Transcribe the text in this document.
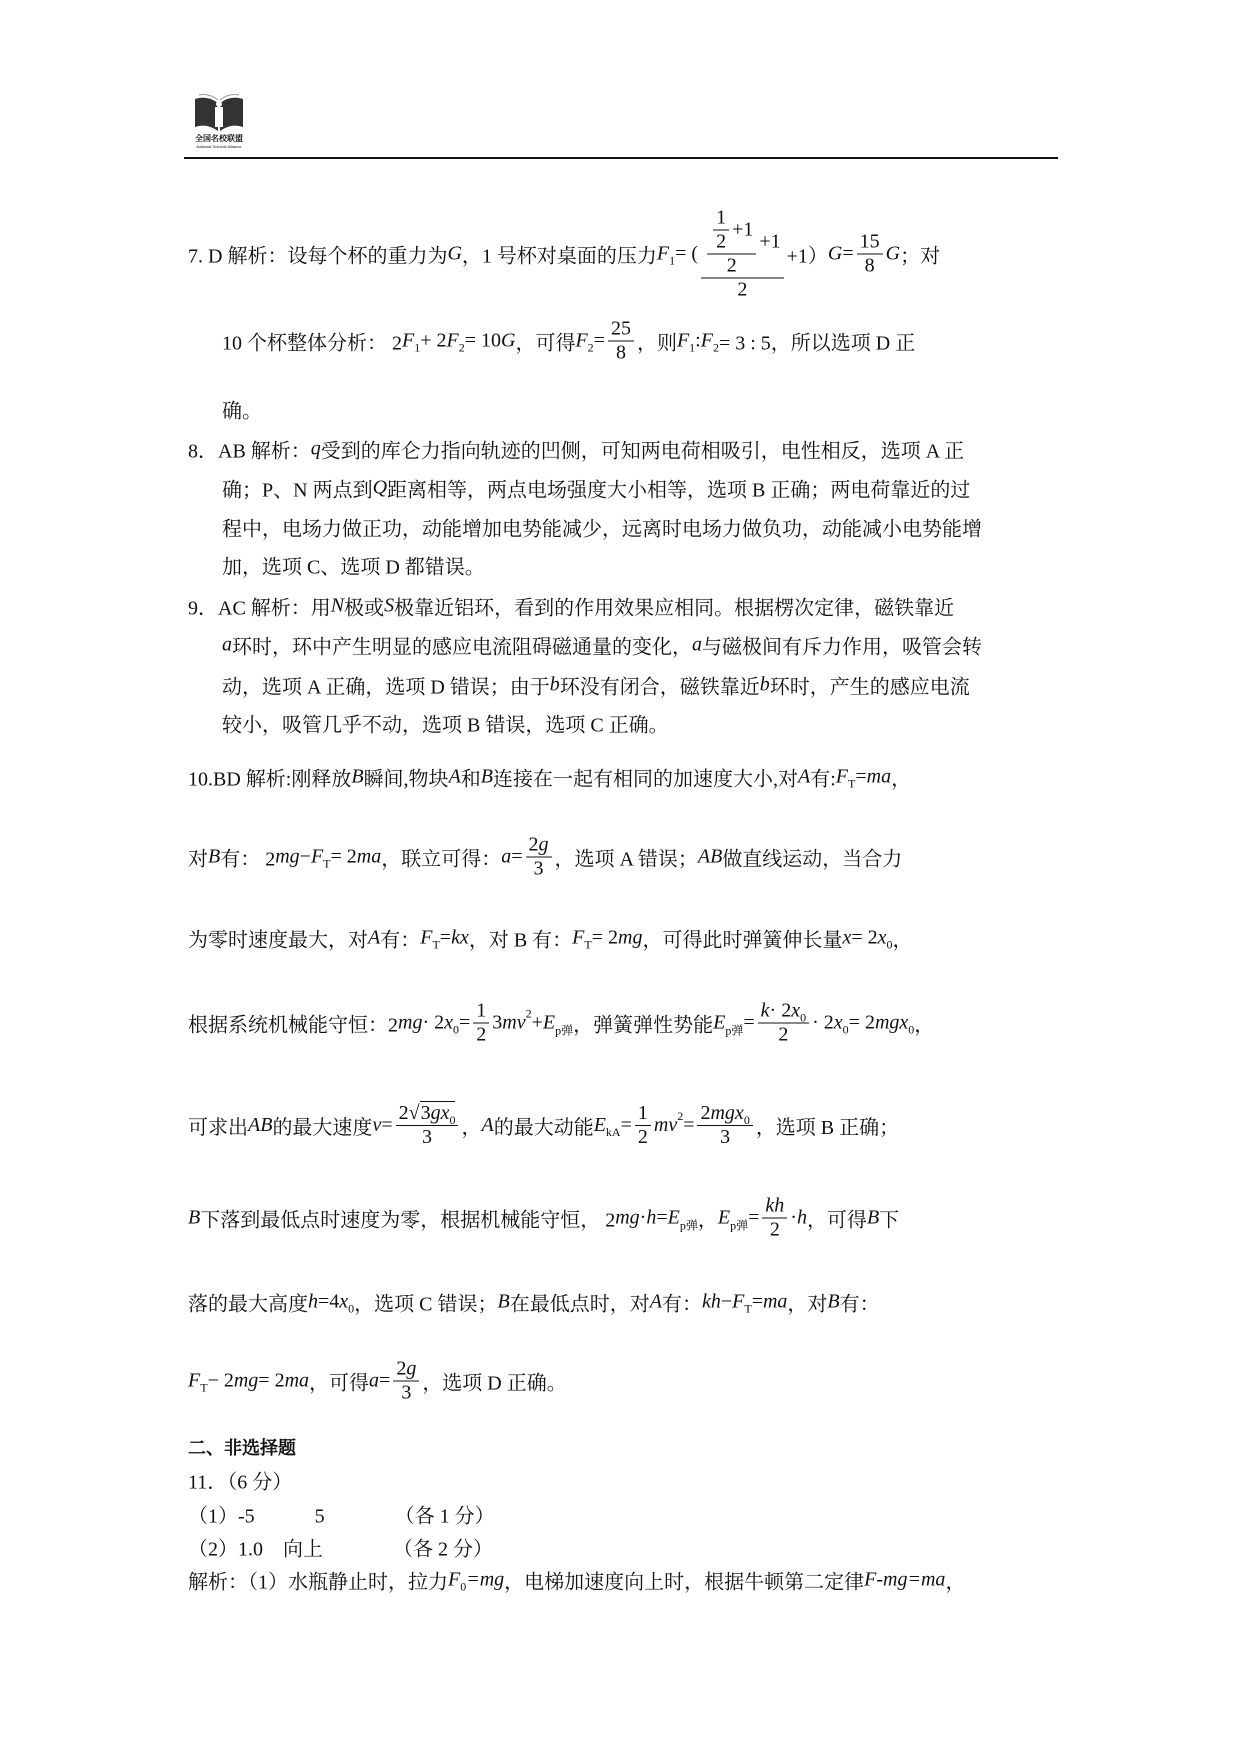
全国名校联盟
National Schools Alliance
7. D 解析：设每个杯的重力为 G ，1 号杯对桌面的压力 F 1 = ( $\frac{\frac{\frac{1}{2} +1}{2} +1}{2} +1$） $G = \frac{15}{8}$ G ；对
10 个杯整体分析： 2 F 1 + 2 F 2 = 10 G ，可得 F $2 = \frac{25}{8}$ ，则 F 1 : F 2 = 3 : 5，所以选项 D 正
确。
8．AB 解析： q 受到的库仑力指向轨迹的凹侧，可知两电荷相吸引，电性相反，选项 A 正
确；P、N 两点到 Q 距离相等，两点电场强度大小相等，选项 B 正确；两电荷靠近的过
程中，电场力做正功，动能增加电势能减少，远离时电场力做负功，动能减小电势能增
加，选项 C、选项 D 都错误。
9．AC 解析：用 N 极或 S 极靠近铝环，看到的作用效果应相同。根据楞次定律，磁铁靠近
a 环时，环中产生明显的感应电流阻碍磁通量的变化， a 与磁极间有斥力作用，吸管会转
动，选项 A 正确，选项 D 错误；由于 b 环没有闭合，磁铁靠近 b 环时，产生的感应电流
较小，吸管几乎不动，选项 B 错误，选项 C 正确。
10.BD 解析:刚释放 B 瞬间,物块 A 和 B 连接在一起有相同的加速度大小,对 A 有: F T = ma ，
对 B 有： 2 mg − F T = 2 ma ，联立可得： $a = \frac{2 g}{3}$ ，选项 A 错误； AB 做直线运动，当合力
为零时速度最大，对 A 有： F T = kx ，对 B 有： F T = 2 mg ，可得此时弹簧伸长量 x = 2 x 0 ，
根据系统机械能守恒：2 mg · 2 x $0 = \frac{1}{2} 3$ mv 2 + E p弹 ，弹簧弹性势能 E p弹 = $\frac{k \cdot 2 x 0}{2} \cdot 2$ x 0 = 2 mgx 0 ，
可求出 AB 的最大速度 $v = \frac{2√ 3 gx 0}{3}$ ， A 的最大动能 E kA = $\frac{1}{2}$ mv $2 = \frac{\text{2 mgx 0}}{3}$ ，选项 B 正确；
B 下落到最低点时速度为零，根据机械能守恒， 2 mg · h = E p弹 ， E p弹 = $\frac{kh}{2} \cdot h$ ，可得 B 下
落的最大高度 h =4 x 0 ，选项 C 错误； B 在最低点时，对 A 有： kh − F T = ma ，对 B 有：
F T − 2 mg = 2 ma ，可得 $a = \frac{2 g}{3}$ ，选项 D 正确。
二、非选择题
11．（6 分）
（1）-5　　　5　　　　（各 1 分）
（2）1.0　向上　　　　（各 2 分）
解析：（1）水瓶静止时，拉力 F 0 =mg ，电梯加速度向上时，根据牛顿第二定律 F-mg=ma ，
